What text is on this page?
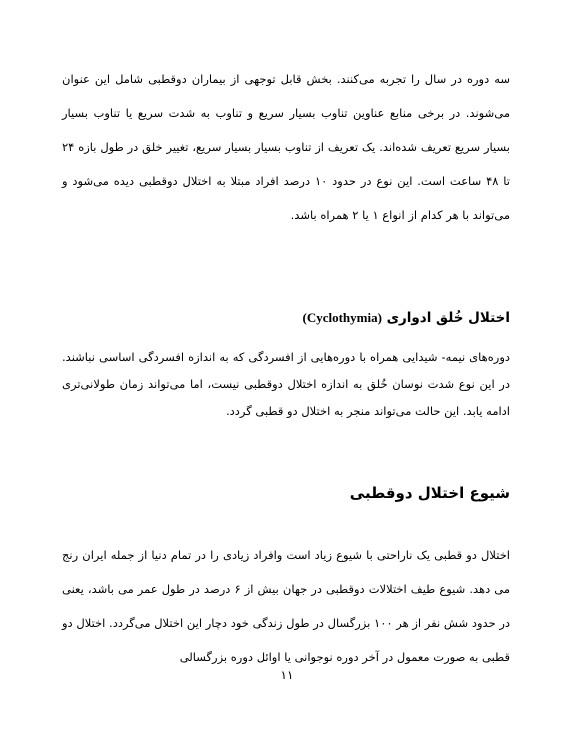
سه دوره در سال را تجربه می‌کنند. بخش قابل توجهی از بیماران دوقطبی شامل این عنوان می‌شوند. در برخی منابع عناوین تناوب بسیار سریع و تناوب به شدت سریع یا تناوب بسیار بسیار سریع تعریف شده‌اند. یک تعریف از تناوب بسیار بسیار سریع، تغییر خلق در طول بازه ۲۴ تا ۴۸ ساعت است. این نوع در حدود ۱۰ درصد افراد مبتلا به اختلال دوقطبی دیده می‌شود و می‌تواند با هر کدام از انواع ۱ یا ۲ همراه باشد.

اختلال خُلق ادواری (Cyclothymia)

دوره‌های نیمه- شیدایی همراه با دوره‌هایی از افسردگی که به اندازه افسردگی اساسی نباشند. در این نوع شدت نوسان خُلق به اندازه اختلال دوقطبی نیست، اما می‌تواند زمان طولانی‌تری ادامه یابد. این حالت می‌تواند منجر به اختلال دو قطبی گردد.

شیوع اختلال دوقطبی

اختلال دو قطبی یک ناراحتی با شیوع زیاد است وافراد زیادی را در تمام دنیا از جمله ایران رنج می دهد. شیوع طیف اختلالات دوقطبی در جهان بیش از ۶ درصد در طول عمر می باشد، یعنی در حدود شش نفر از هر ۱۰۰ بزرگسال در طول زندگی خود دچار این اختلال می‌گردد. اختلال دو قطبی به صورت معمول در آخر دوره نوجوانی یا اوائل دوره بزرگسالی

۱۱
